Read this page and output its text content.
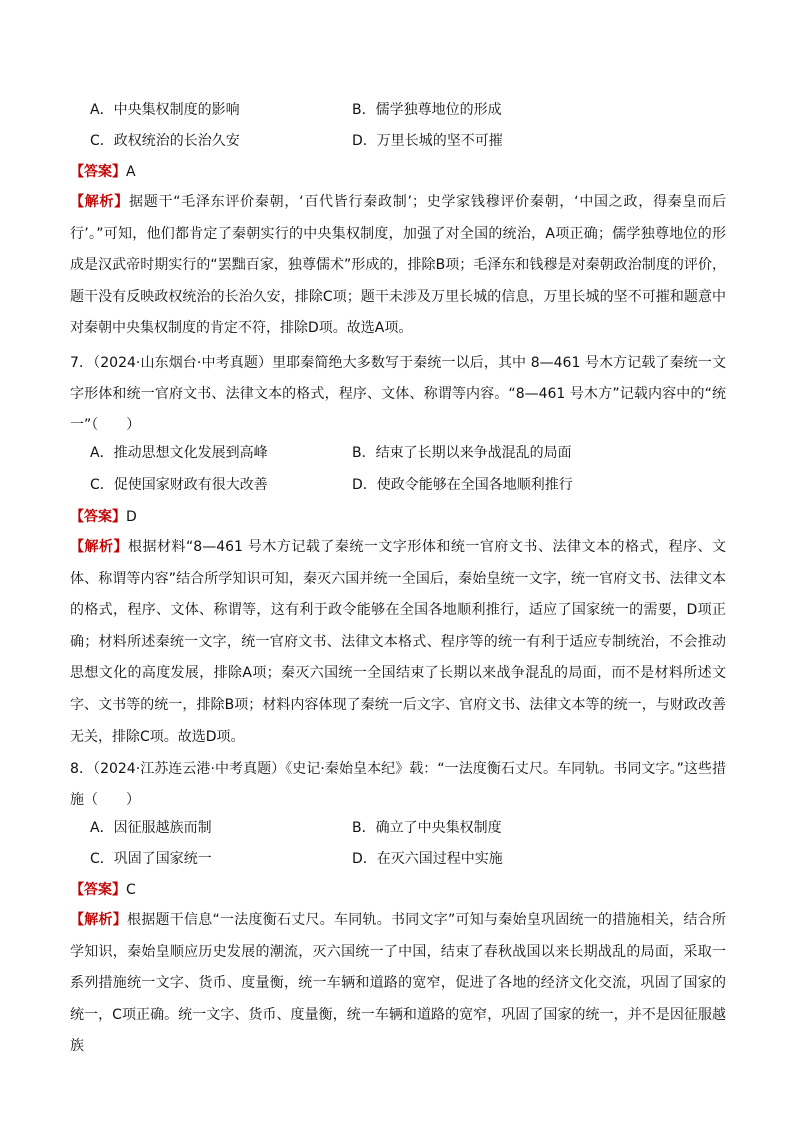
A．中央集权制度的影响	B．儒学独尊地位的形成
C．政权统治的长治久安	D．万里长城的坚不可摧
【答案】A

【解析】据题干“毛泽东评价秦朝，‘百代皆行秦政制’；史学家钱穆评价秦朝，‘中国之政，得秦皇而后行’。”可知，他们都肯定了秦朝实行的中央集权制度，加强了对全国的统治，A项正确；儒学独尊地位的形成是汉武帝时期实行的“罢黜百家，独尊儒术”形成的，排除B项；毛泽东和钱穆是对秦朝政治制度的评价，题干没有反映政权统治的长治久安，排除C项；题干未涉及万里长城的信息，万里长城的坚不可摧和题意中对秦朝中央集权制度的肯定不符，排除D项。故选A项。

7．（2024·山东烟台·中考真题）里耶秦简绝大多数写于秦统一以后，其中 8—461 号木方记载了秦统一文字形体和统一官府文书、法律文本的格式，程序、文体、称谓等内容。“8—461 号木方”记载内容中的“统一”（　　）

A．推动思想文化发展到高峰	B．结束了长期以来争战混乱的局面
C．促使国家财政有很大改善	D．使政令能够在全国各地顺利推行
【答案】D

【解析】根据材料“8—461 号木方记载了秦统一文字形体和统一官府文书、法律文本的格式，程序、文体、称谓等内容”结合所学知识可知，秦灭六国并统一全国后，秦始皇统一文字，统一官府文书、法律文本的格式，程序、文体、称谓等，这有利于政令能够在全国各地顺利推行，适应了国家统一的需要，D项正确；材料所述秦统一文字，统一官府文书、法律文本格式、程序等的统一有利于适应专制统治，不会推动思想文化的高度发展，排除A项；秦灭六国统一全国结束了长期以来战争混乱的局面，而不是材料所述文字、文书等的统一，排除B项；材料内容体现了秦统一后文字、官府文书、法律文本等的统一，与财政改善无关，排除C项。故选D项。

8．（2024·江苏连云港·中考真题）《史记·秦始皇本纪》载：“一法度衡石丈尺。车同轨。书同文字。”这些措施（　　）

A．因征服越族而制	B．确立了中央集权制度
C．巩固了国家统一	D．在灭六国过程中实施
【答案】C

【解析】根据题干信息“一法度衡石丈尺。车同轨。书同文字”可知与秦始皇巩固统一的措施相关，结合所学知识，秦始皇顺应历史发展的潮流，灭六国统一了中国，结束了春秋战国以来长期战乱的局面，采取一系列措施统一文字、货币、度量衡，统一车辆和道路的宽窄，促进了各地的经济文化交流，巩固了国家的统一，C项正确。统一文字、货币、度量衡，统一车辆和道路的宽窄，巩固了国家的统一，并不是因征服越族
